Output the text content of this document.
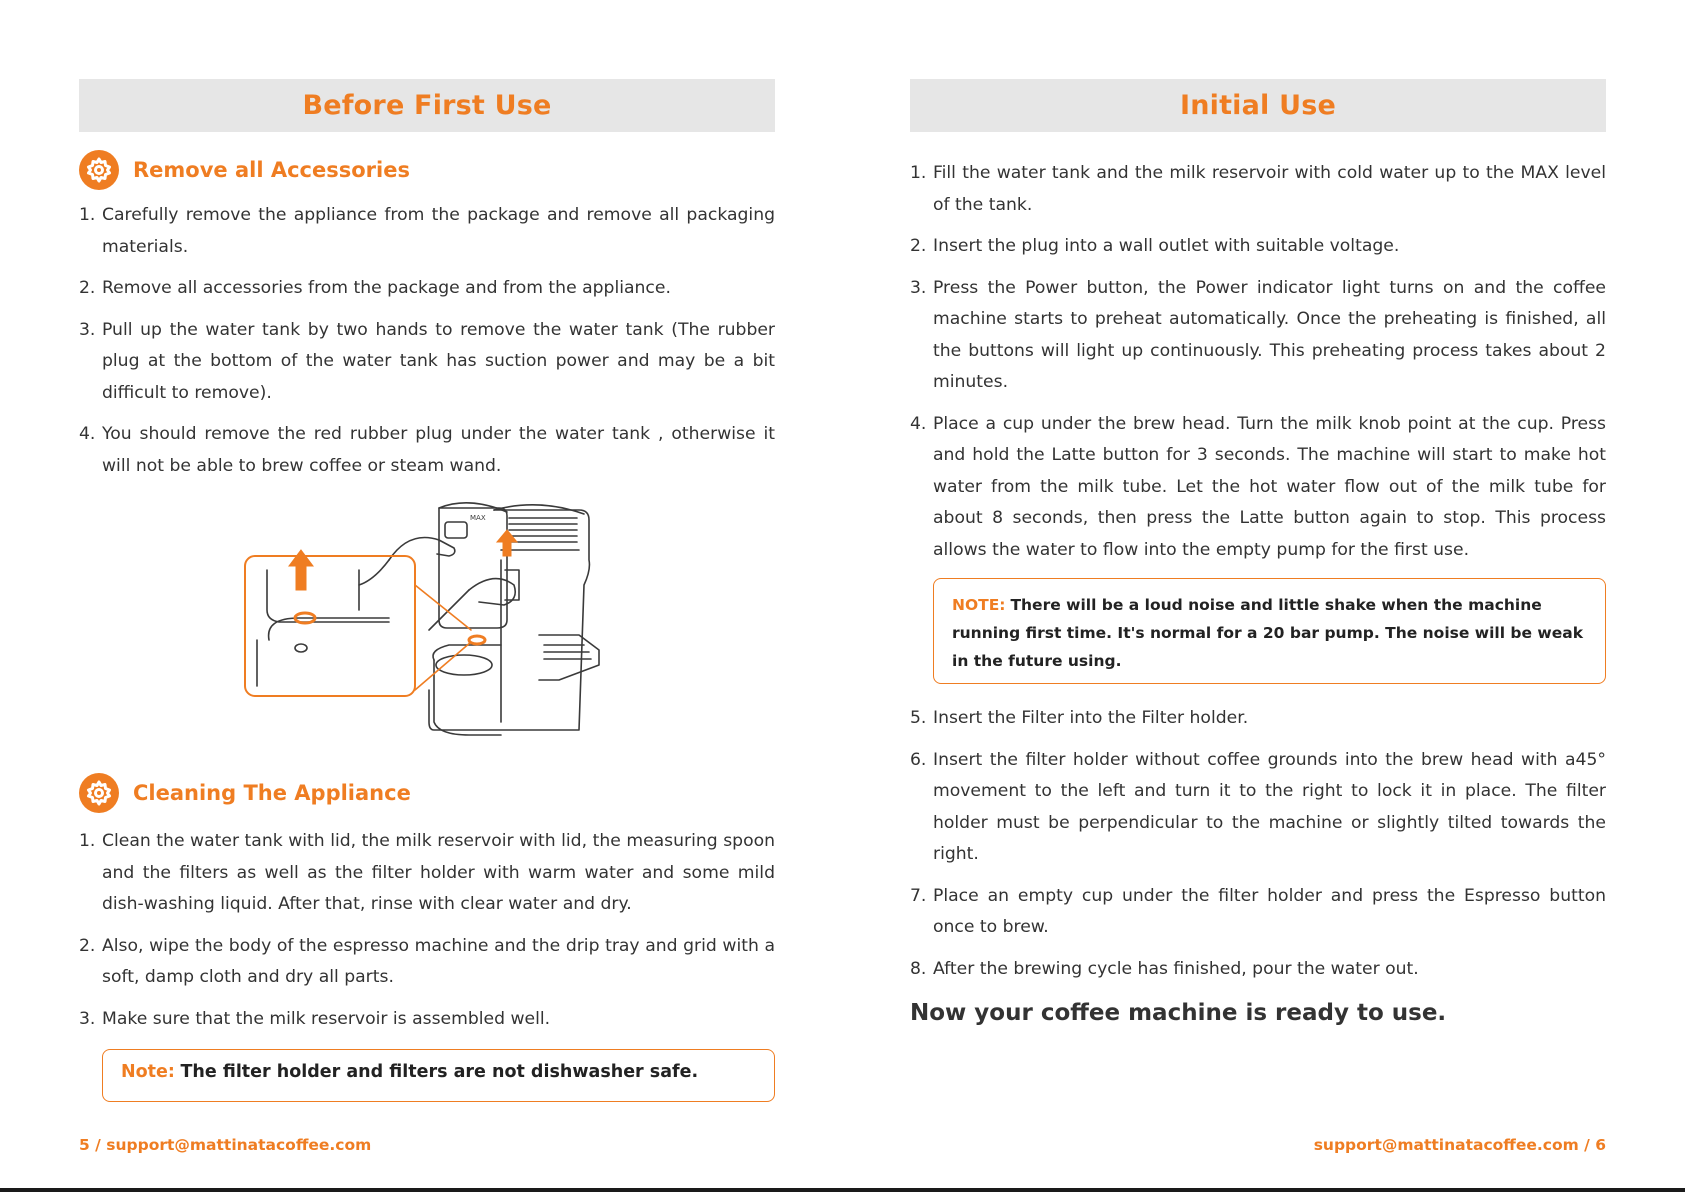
Before First Use
Remove all Accessories
1. Carefully remove the appliance from the package and remove all packaging materials.
2. Remove all accessories from the package and from the appliance.
3. Pull up the water tank by two hands to remove the water tank (The rubber plug at the bottom of the water tank has suction power and may be a bit difficult to remove).
4. You should remove the red rubber plug under the water tank , otherwise it will not be able to brew coffee or steam wand.
MAX
Cleaning The Appliance
1. Clean the water tank with lid, the milk reservoir with lid, the measuring spoon and the filters as well as the filter holder with warm water and some mild dish-washing liquid. After that, rinse with clear water and dry.
2. Also, wipe the body of the espresso machine and the drip tray and grid with a soft, damp cloth and dry all parts.
3. Make sure that the milk reservoir is assembled well.
Note: The filter holder and filters are not dishwasher safe.
5 / support@mattinatacoffee.com
Initial Use
1. Fill the water tank and the milk reservoir with cold water up to the MAX level of the tank.
2. Insert the plug into a wall outlet with suitable voltage.
3. Press the Power button, the Power indicator light turns on and the coffee machine starts to preheat automatically. Once the preheating is finished, all the buttons will light up continuously. This preheating process takes about 2 minutes.
4. Place a cup under the brew head. Turn the milk knob point at the cup. Press and hold the Latte button for 3 seconds. The machine will start to make hot water from the milk tube. Let the hot water flow out of the milk tube for about 8 seconds, then press the Latte button again to stop. This process allows the water to flow into the empty pump for the first use.
NOTE: There will be a loud noise and little shake when the machine running first time. It's normal for a 20 bar pump. The noise will be weak in the future using.
5. Insert the Filter into the Filter holder.
6. Insert the filter holder without coffee grounds into the brew head with a45° movement to the left and turn it to the right to lock it in place. The filter holder must be perpendicular to the machine or slightly tilted towards the right.
7. Place an empty cup under the filter holder and press the Espresso button once to brew.
8. After the brewing cycle has finished, pour the water out.
Now your coffee machine is ready to use.
support@mattinatacoffee.com / 6
